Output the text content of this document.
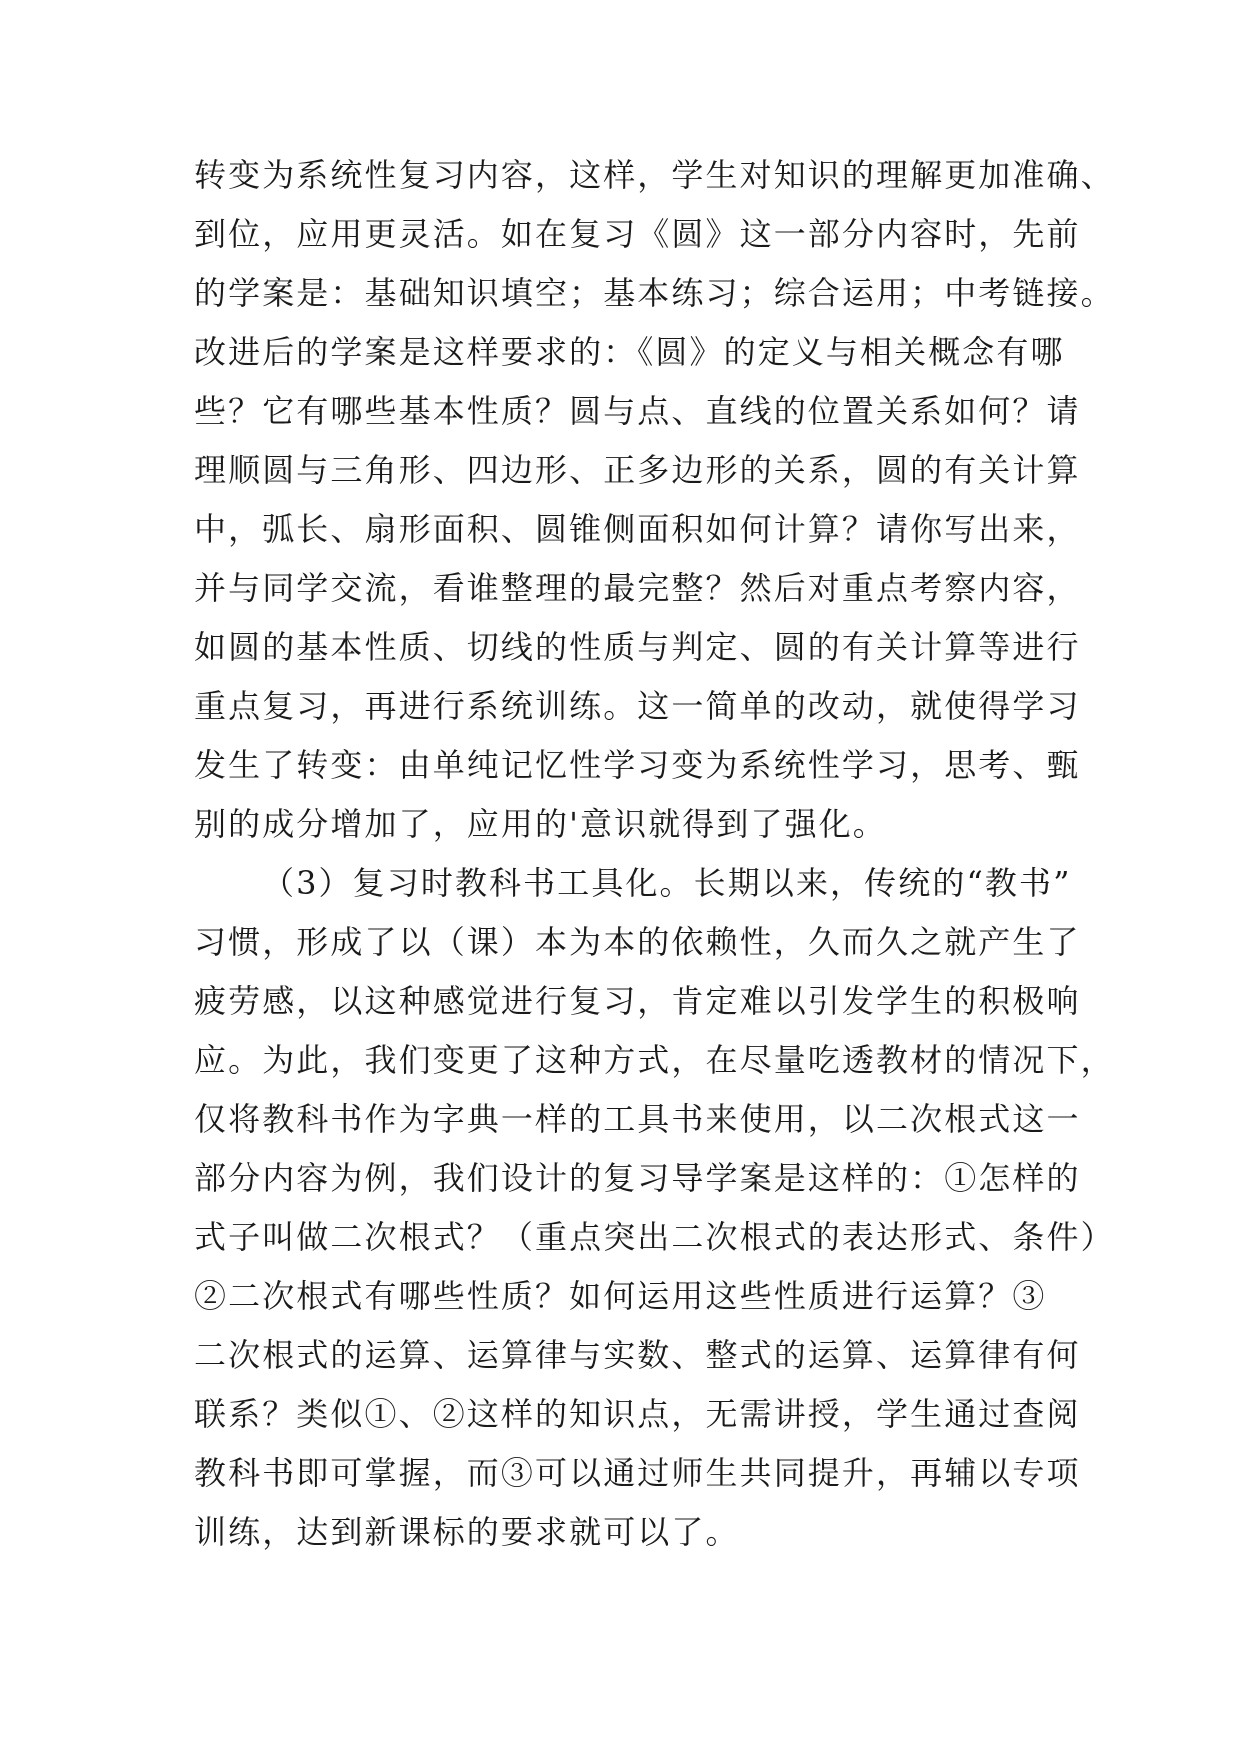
转变为系统性复习内容，这样，学生对知识的理解更加准确、
到位，应用更灵活。如在复习《圆》这一部分内容时，先前
的学案是：基础知识填空；基本练习；综合运用；中考链接。
改进后的学案是这样要求的：《圆》的定义与相关概念有哪
些？它有哪些基本性质？圆与点、直线的位置关系如何？请
理顺圆与三角形、四边形、正多边形的关系，圆的有关计算
中，弧长、扇形面积、圆锥侧面积如何计算？请你写出来，
并与同学交流，看谁整理的最完整？然后对重点考察内容，
如圆的基本性质、切线的性质与判定、圆的有关计算等进行
重点复习，再进行系统训练。这一简单的改动，就使得学习
发生了转变：由单纯记忆性学习变为系统性学习，思考、甄
别的成分增加了，应用的'意识就得到了强化。
（3）复习时教科书工具化。长期以来，传统的“教书”
习惯，形成了以（课）本为本的依赖性，久而久之就产生了
疲劳感，以这种感觉进行复习，肯定难以引发学生的积极响
应。为此，我们变更了这种方式，在尽量吃透教材的情况下，
仅将教科书作为字典一样的工具书来使用，以二次根式这一
部分内容为例，我们设计的复习导学案是这样的：①怎样的
式子叫做二次根式？（重点突出二次根式的表达形式、条件）
②二次根式有哪些性质？如何运用这些性质进行运算？③
二次根式的运算、运算律与实数、整式的运算、运算律有何
联系？类似①、②这样的知识点，无需讲授，学生通过查阅
教科书即可掌握，而③可以通过师生共同提升，再辅以专项
训练，达到新课标的要求就可以了。
